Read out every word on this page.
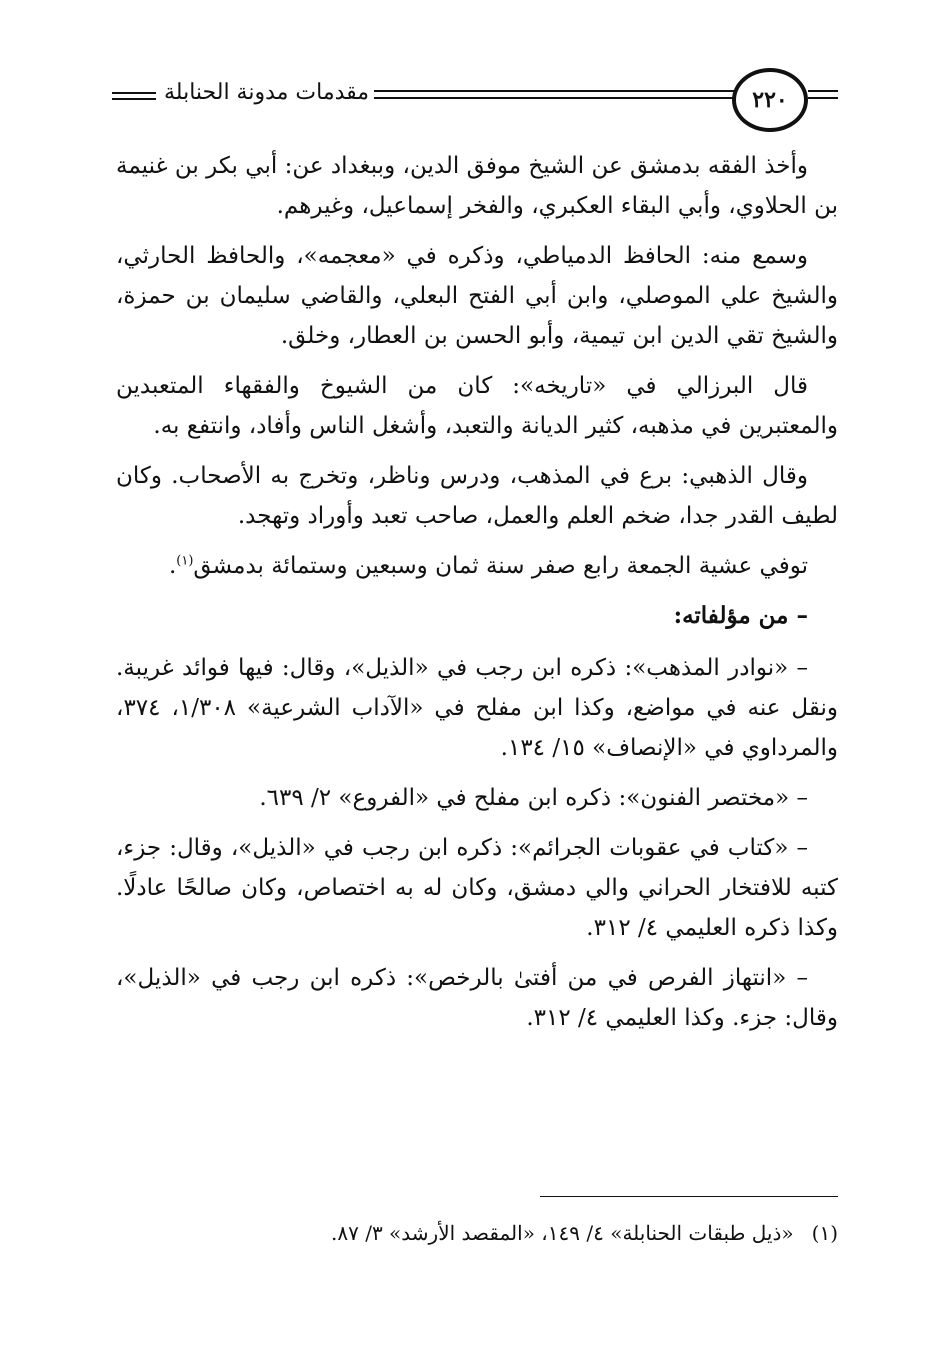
مقدمات مدونة الحنابلة	٢٢٠

وأخذ الفقه بدمشق عن الشيخ موفق الدين، وببغداد عن: أبي بكر بن غنيمة بن الحلاوي، وأبي البقاء العكبري، والفخر إسماعيل، وغيرهم.

وسمع منه: الحافظ الدمياطي، وذكره في «معجمه»، والحافظ الحارثي، والشيخ علي الموصلي، وابن أبي الفتح البعلي، والقاضي سليمان بن حمزة، والشيخ تقي الدين ابن تيمية، وأبو الحسن بن العطار، وخلق.

قال البرزالي في «تاريخه»: كان من الشيوخ والفقهاء المتعبدين والمعتبرين في مذهبه، كثير الديانة والتعبد، وأشغل الناس وأفاد، وانتفع به.

وقال الذهبي: برع في المذهب، ودرس وناظر، وتخرج به الأصحاب. وكان لطيف القدر جدا، ضخم العلم والعمل، صاحب تعبد وأوراد وتهجد.

توفي عشية الجمعة رابع صفر سنة ثمان وسبعين وستمائة بدمشق$^{(١)}$.

– من مؤلفاته:

– «نوادر المذهب»: ذكره ابن رجب في «الذيل»، وقال: فيها فوائد غريبة. ونقل عنه في مواضع، وكذا ابن مفلح في «الآداب الشرعية» ١/٣٠٨، ٣٧٤، والمرداوي في «الإنصاف» ١٥/ ١٣٤.

– «مختصر الفنون»: ذكره ابن مفلح في «الفروع» ٢/ ٦٣٩.

– «كتاب في عقوبات الجرائم»: ذكره ابن رجب في «الذيل»، وقال: جزء، كتبه للافتخار الحراني والي دمشق، وكان له به اختصاص، وكان صالحًا عادلًا. وكذا ذكره العليمي ٤/ ٣١٢.

– «انتهاز الفرص في من أفتىٰ بالرخص»: ذكره ابن رجب في «الذيل»، وقال: جزء. وكذا العليمي ٤/ ٣١٢.

(١)«ذيل طبقات الحنابلة» ٤/ ١٤٩، «المقصد الأرشد» ٣/ ٨٧.
